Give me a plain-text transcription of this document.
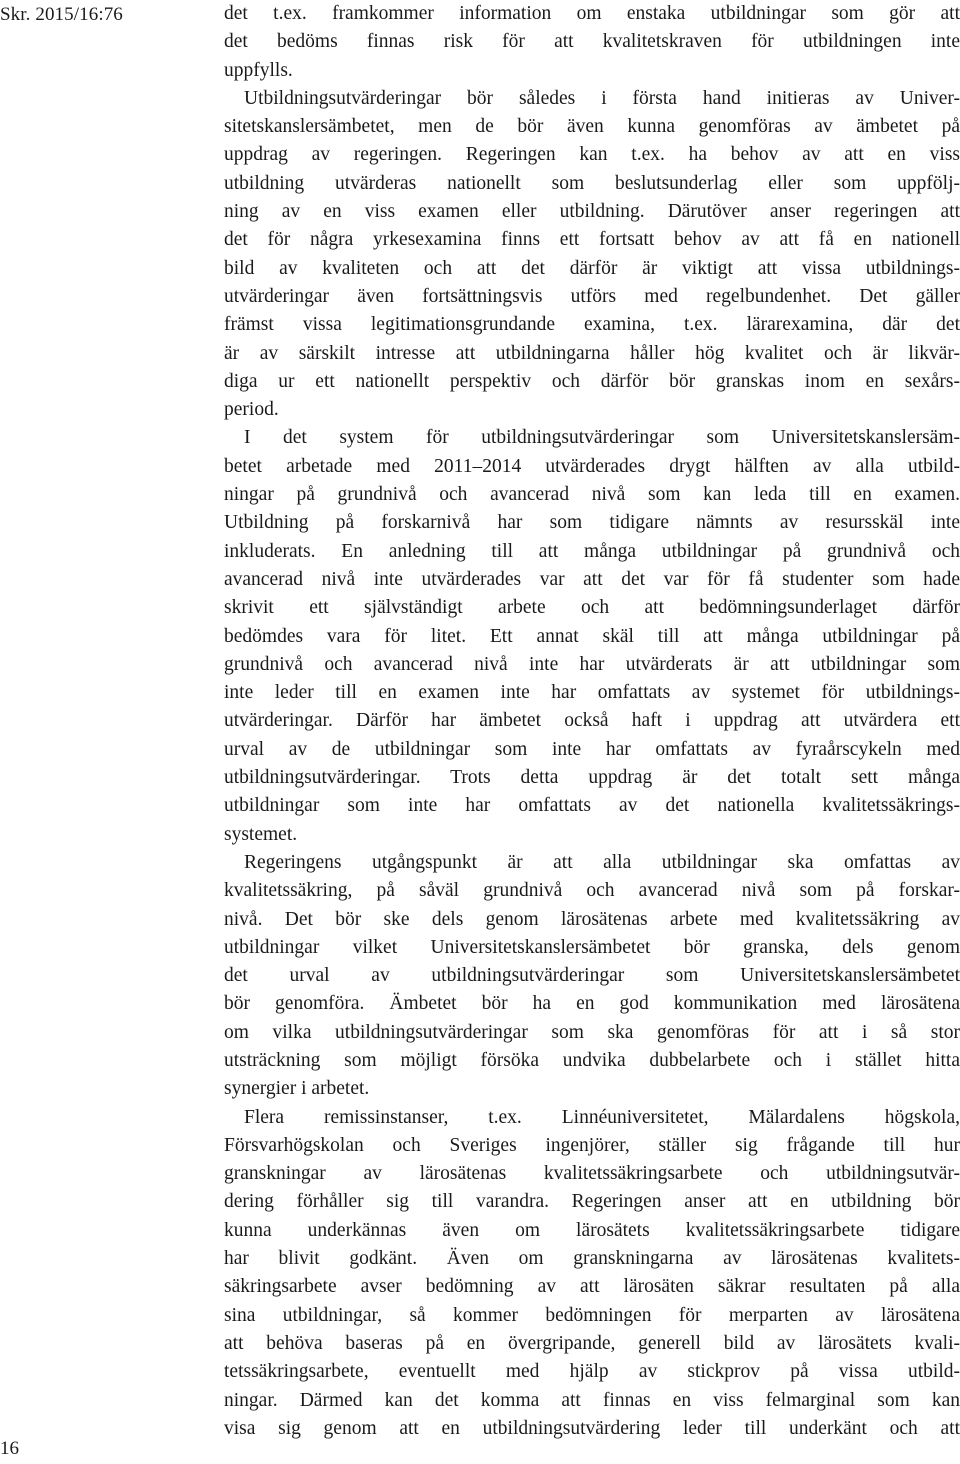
Skr. 2015/16:76	det t.ex. framkommer information om enstaka utbildningar som gör att
det bedöms finnas risk för att kvalitetskraven för utbildningen inte
uppfylls.
Utbildningsutvärderingar bör således i första hand initieras av Univer-
sitetskanslersämbetet, men de bör även kunna genomföras av ämbetet på
uppdrag av regeringen. Regeringen kan t.ex. ha behov av att en viss
utbildning utvärderas nationellt som beslutsunderlag eller som uppfölj-
ning av en viss examen eller utbildning. Därutöver anser regeringen att
det för några yrkesexamina finns ett fortsatt behov av att få en nationell
bild av kvaliteten och att det därför är viktigt att vissa utbildnings-
utvärderingar även fortsättningsvis utförs med regelbundenhet. Det gäller
främst vissa legitimationsgrundande examina, t.ex. lärarexamina, där det
är av särskilt intresse att utbildningarna håller hög kvalitet och är likvär-
diga ur ett nationellt perspektiv och därför bör granskas inom en sexårs-
period.
I det system för utbildningsutvärderingar som Universitetskanslersäm-
betet arbetade med 2011–2014 utvärderades drygt hälften av alla utbild-
ningar på grundnivå och avancerad nivå som kan leda till en examen.
Utbildning på forskarnivå har som tidigare nämnts av resursskäl inte
inkluderats. En anledning till att många utbildningar på grundnivå och
avancerad nivå inte utvärderades var att det var för få studenter som hade
skrivit ett självständigt arbete och att bedömningsunderlaget därför
bedömdes vara för litet. Ett annat skäl till att många utbildningar på
grundnivå och avancerad nivå inte har utvärderats är att utbildningar som
inte leder till en examen inte har omfattats av systemet för utbildnings-
utvärderingar. Därför har ämbetet också haft i uppdrag att utvärdera ett
urval av de utbildningar som inte har omfattats av fyraårscykeln med
utbildningsutvärderingar. Trots detta uppdrag är det totalt sett många
utbildningar som inte har omfattats av det nationella kvalitetssäkrings-
systemet.
Regeringens utgångspunkt är att alla utbildningar ska omfattas av
kvalitetssäkring, på såväl grundnivå och avancerad nivå som på forskar-
nivå. Det bör ske dels genom lärosätenas arbete med kvalitetssäkring av
utbildningar vilket Universitetskanslersämbetet bör granska, dels genom
det urval av utbildningsutvärderingar som Universitetskanslersämbetet
bör genomföra. Ämbetet bör ha en god kommunikation med lärosätena
om vilka utbildningsutvärderingar som ska genomföras för att i så stor
utsträckning som möjligt försöka undvika dubbelarbete och i stället hitta
synergier i arbetet.
Flera remissinstanser, t.ex. Linnéuniversitetet, Mälardalens högskola,
Försvarhögskolan och Sveriges ingenjörer, ställer sig frågande till hur
granskningar av lärosätenas kvalitetssäkringsarbete och utbildningsutvär-
dering förhåller sig till varandra. Regeringen anser att en utbildning bör
kunna underkännas även om lärosätets kvalitetssäkringsarbete tidigare
har blivit godkänt. Även om granskningarna av lärosätenas kvalitets-
säkringsarbete avser bedömning av att lärosäten säkrar resultaten på alla
sina utbildningar, så kommer bedömningen för merparten av lärosätena
att behöva baseras på en övergripande, generell bild av lärosätets kvali-
tetssäkringsarbete, eventuellt med hjälp av stickprov på vissa utbild-
ningar. Därmed kan det komma att finnas en viss felmarginal som kan
visa sig genom att en utbildningsutvärdering leder till underkänt och att
16
